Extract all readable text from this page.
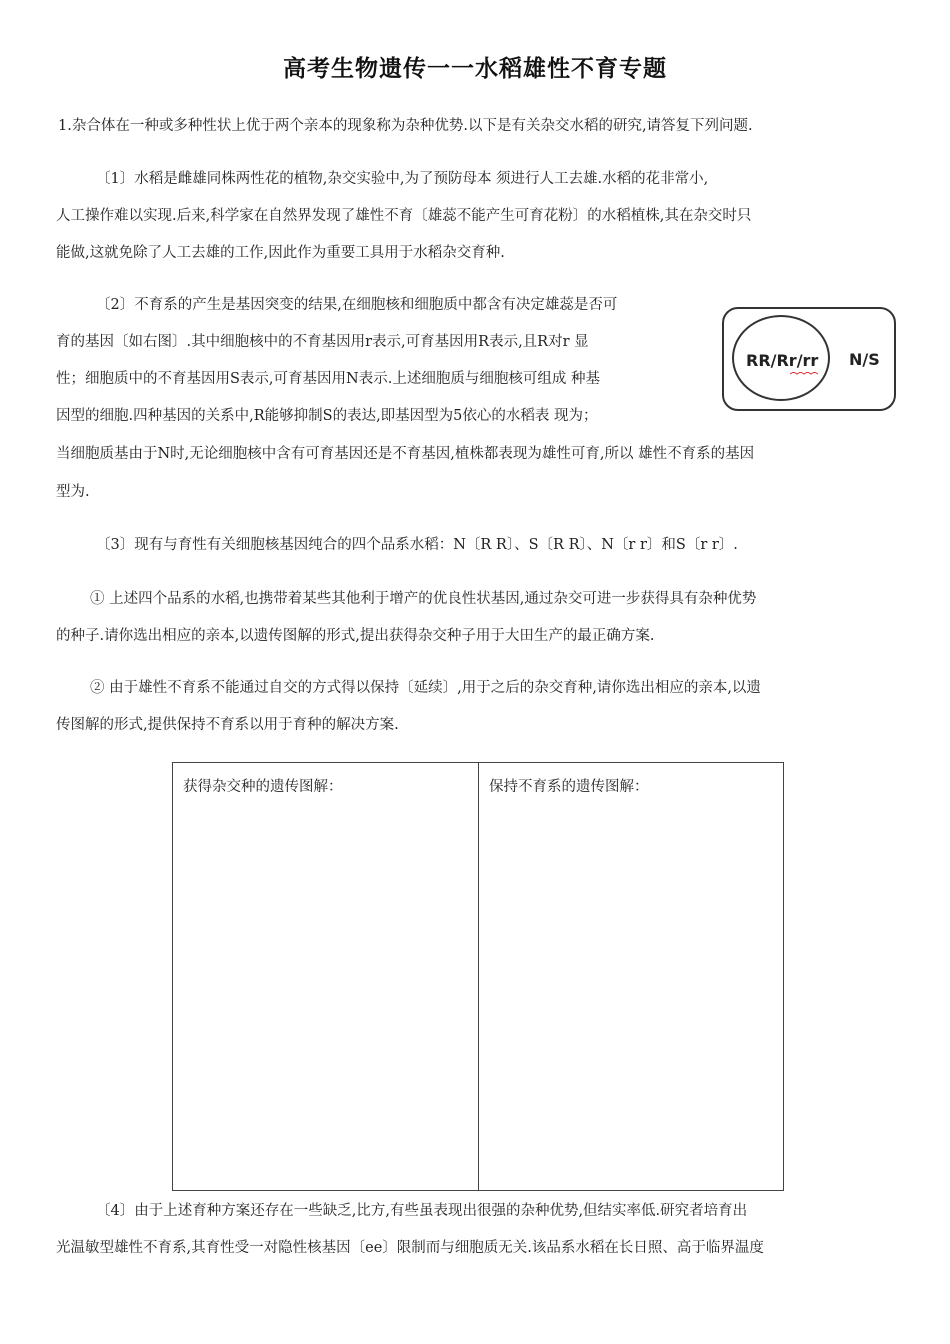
高考生物遗传一一水稻雄性不育专题
1.杂合体在一种或多种性状上优于两个亲本的现象称为杂种优势.以下是有关杂交水稻的研究,请答复下列问题.
〔1〕水稻是雌雄同株两性花的植物,杂交实验中,为了预防母本 须进行人工去雄.水稻的花非常小,
人工操作难以实现.后来,科学家在自然界发现了雄性不育〔雄蕊不能产生可育花粉〕的水稻植株,其在杂交时只
能做,这就免除了人工去雄的工作,因此作为重要工具用于水稻杂交育种.
〔2〕不育系的产生是基因突变的结果,在细胞核和细胞质中都含有决定雄蕊是否可
育的基因〔如右图〕.其中细胞核中的不育基因用r表示,可育基因用R表示,且R对r 显
性；细胞质中的不育基因用S表示,可育基因用N表示.上述细胞质与细胞核可组成 种基
因型的细胞.四种基因的关系中,R能够抑制S的表达,即基因型为5依心的水稻表 现为；
当细胞质基由于N时,无论细胞核中含有可育基因还是不育基因,植株都表现为雄性可育,所以 雄性不育系的基因
型为.
RR/Rr/rr N/S
〔3〕现有与育性有关细胞核基因纯合的四个品系水稻：N〔R R〕、S〔R R〕、N〔r r〕和S〔r r〕.
① 上述四个品系的水稻,也携带着某些其他利于增产的优良性状基因,通过杂交可进一步获得具有杂种优势
的种子.请你选出相应的亲本,以遗传图解的形式,提出获得杂交种子用于大田生产的最正确方案.
② 由于雄性不育系不能通过自交的方式得以保持〔延续〕,用于之后的杂交育种,请你选出相应的亲本,以遗
传图解的形式,提供保持不育系以用于育种的解决方案.
获得杂交种的遗传图解：	保持不育系的遗传图解：
〔4〕由于上述育种方案还存在一些缺乏,比方,有些虽表现出很强的杂种优势,但结实率低.研究者培育出
光温敏型雄性不育系,其育性受一对隐性核基因〔ee〕限制而与细胞质无关.该品系水稻在长日照、高于临界温度
